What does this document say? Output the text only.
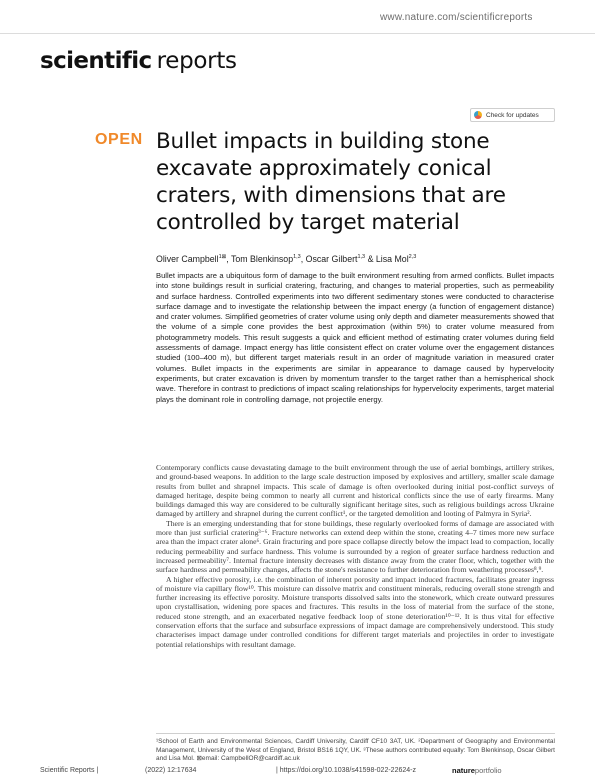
www.nature.com/scientificreports
scientific reports
Check for updates
OPEN Bullet impacts in building stone excavate approximately conical craters, with dimensions that are controlled by target material
Oliver Campbell$^{1⊠}$, Tom Blenkinsop$^{1,3}$, Oscar Gilbert$^{1,3}$ & Lisa Mol$^{2,3}$
Bullet impacts are a ubiquitous form of damage to the built environment resulting from armed conflicts. Bullet impacts into stone buildings result in surficial cratering, fracturing, and changes to material properties, such as permeability and surface hardness. Controlled experiments into two different sedimentary stones were conducted to characterise surface damage and to investigate the relationship between the impact energy (a function of engagement distance) and crater volumes. Simplified geometries of crater volume using only depth and diameter measurements showed that the volume of a simple cone provides the best approximation (within 5%) to crater volume measured from photogrammetry models. This result suggests a quick and efficient method of estimating crater volumes during field assessments of damage. Impact energy has little consistent effect on crater volume over the engagement distances studied (100–400 m), but different target materials result in an order of magnitude variation in measured crater volumes. Bullet impacts in the experiments are similar in appearance to damage caused by hypervelocity experiments, but crater excavation is driven by momentum transfer to the target rather than a hemispherical shock wave. Therefore in contrast to predictions of impact scaling relationships for hypervelocity experiments, target material plays the dominant role in controlling damage, not projectile energy.

Contemporary conflicts cause devastating damage to the built environment through the use of aerial bombings, artillery strikes, and ground-based weapons. In addition to the large scale destruction imposed by explosives and artillery, smaller scale damage results from bullet and shrapnel impacts. This scale of damage is often overlooked during initial post-conflict surveys of damaged heritage, despite being common to nearly all current and historical conflicts since the use of early firearms. Many buildings damaged this way are considered to be culturally significant heritage sites, such as religious buildings across Ukraine damaged by artillery and shrapnel during the current conflict¹, or the targeted demolition and looting of Palmyra in Syria².

There is an emerging understanding that for stone buildings, these regularly overlooked forms of damage are associated with more than just surficial cratering³⁻⁶. Fracture networks can extend deep within the stone, creating 4–7 times more new surface area than the impact crater alone⁶. Grain fracturing and pore space collapse directly below the impact lead to compaction, locally reducing permeability and surface hardness. This volume is surrounded by a region of greater surface hardness reduction and increased permeability⁷. Internal fracture intensity decreases with distance away from the crater floor, which, together with the surface hardness and permeability changes, affects the stone's resistance to further deterioration from weathering processes⁸,⁹.

A higher effective porosity, i.e. the combination of inherent porosity and impact induced fractures, facilitates greater ingress of moisture via capillary flow¹⁰. This moisture can dissolve matrix and constituent minerals, reducing overall stone strength and further increasing its effective porosity. Moisture transports dissolved salts into the stonework, which create outward pressures upon crystallisation, widening pore spaces and fractures. This results in the loss of material from the surface of the stone, reduced stone strength, and an exacerbated negative feedback loop of stone deterioration¹⁰⁻¹². It is thus vital for effective conservation efforts that the surface and subsurface expressions of impact damage are comprehensively understood. This study characterises impact damage under controlled conditions for different target materials and projectiles in order to investigate potential relationships with resultant damage.

¹School of Earth and Environmental Sciences, Cardiff University, Cardiff CF10 3AT, UK. ²Department of Geography and Environmental Management, University of the West of England, Bristol BS16 1QY, UK. ³These authors contributed equally: Tom Blenkinsop, Oscar Gilbert and Lisa Mol. ⊠email: CampbellOR@cardiff.ac.uk
Scientific Reports |	(2022) 12:17634	| https://doi.org/10.1038/s41598-022-22624-z	natureportfolio
